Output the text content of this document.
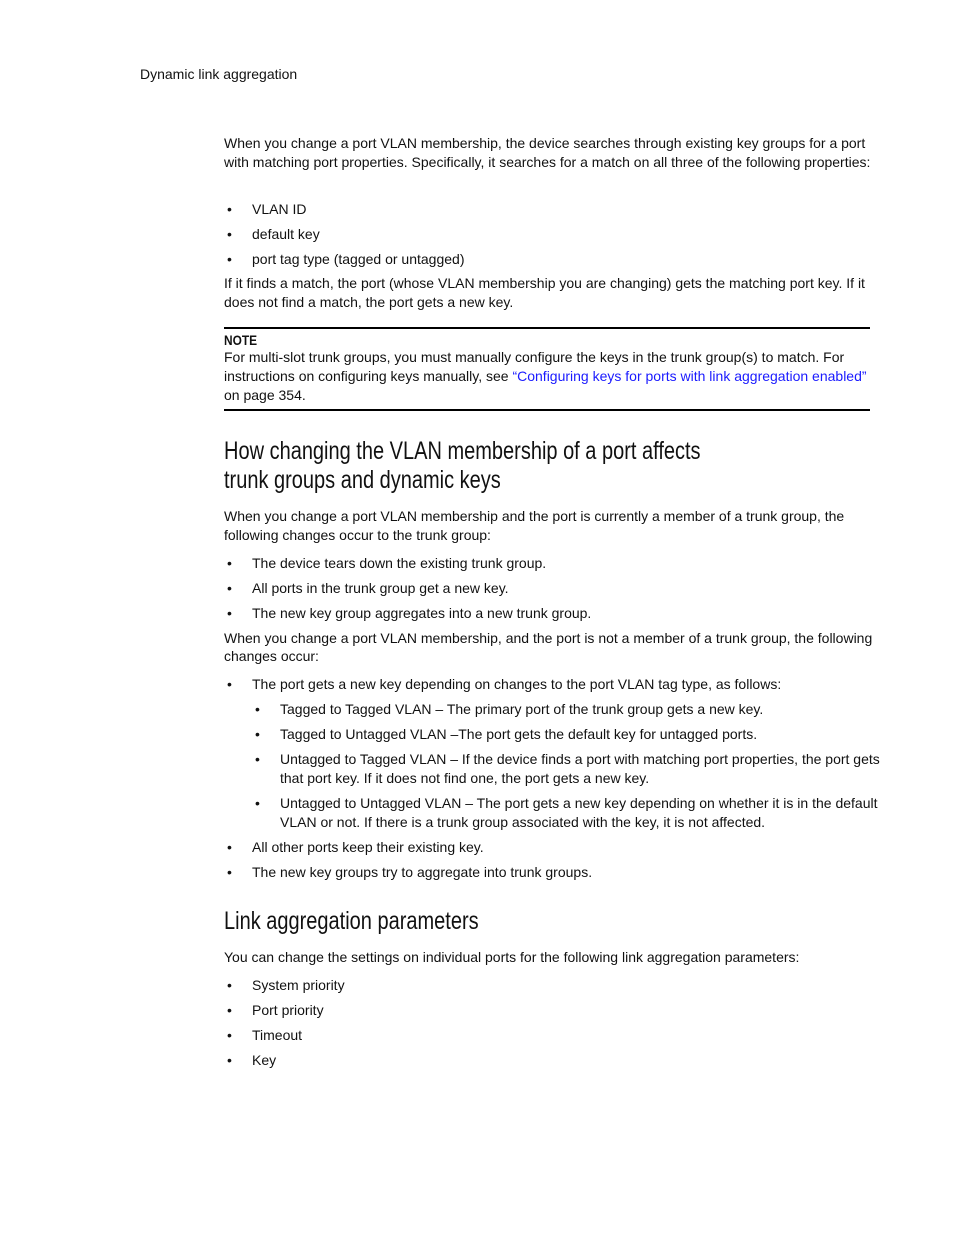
Dynamic link aggregation

When you change a port VLAN membership, the device searches through existing key groups for a port with matching port properties. Specifically, it searches for a match on all three of the following properties:

• VLAN ID
• default key
• port tag type (tagged or untagged)

If it finds a match, the port (whose VLAN membership you are changing) gets the matching port key. If it does not find a match, the port gets a new key.

NOTE

For multi-slot trunk groups, you must manually configure the keys in the trunk group(s) to match. For instructions on configuring keys manually, see “Configuring keys for ports with link aggregation enabled” on page 354.

How changing the VLAN membership of a port affects
trunk groups and dynamic keys

When you change a port VLAN membership and the port is currently a member of a trunk group, the following changes occur to the trunk group:

• The device tears down the existing trunk group.
• All ports in the trunk group get a new key.
• The new key group aggregates into a new trunk group.

When you change a port VLAN membership, and the port is not a member of a trunk group, the following changes occur:

• The port gets a new key depending on changes to the port VLAN tag type, as follows:
• Tagged to Tagged VLAN – The primary port of the trunk group gets a new key.
• Tagged to Untagged VLAN –The port gets the default key for untagged ports.
• Untagged to Tagged VLAN – If the device finds a port with matching port properties, the port gets that port key. If it does not find one, the port gets a new key.
• Untagged to Untagged VLAN – The port gets a new key depending on whether it is in the default VLAN or not. If there is a trunk group associated with the key, it is not affected.
• All other ports keep their existing key.
• The new key groups try to aggregate into trunk groups.
Link aggregation parameters

You can change the settings on individual ports for the following link aggregation parameters:

• System priority
• Port priority
• Timeout
• Key
